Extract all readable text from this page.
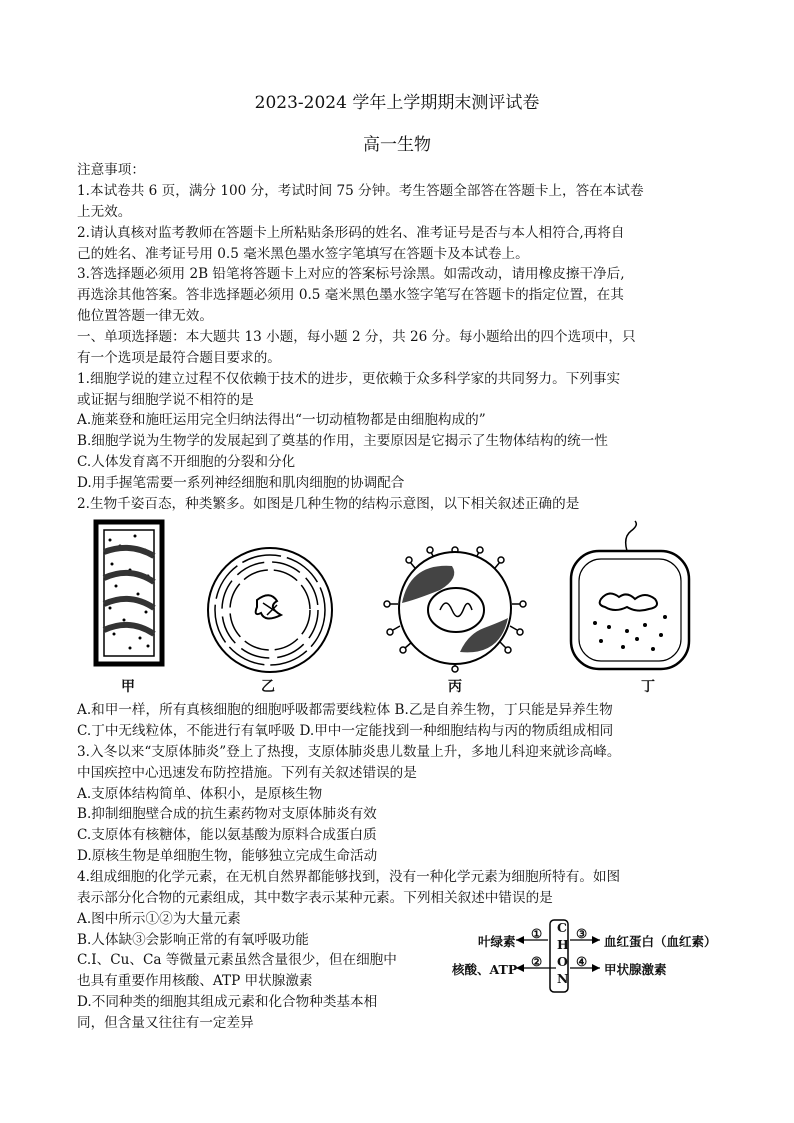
2023-2024 学年上学期期末测评试卷
高一生物
注意事项：
1.本试卷共 6 页，满分 100 分，考试时间 75 分钟。考生答题全部答在答题卡上，答在本试卷
上无效。
2.请认真核对监考教师在答题卡上所粘贴条形码的姓名、准考证号是否与本人相符合,再将自
己的姓名、准考证号用 0.5 毫米黑色墨水签字笔填写在答题卡及本试卷上。
3.答选择题必须用 2B 铅笔将答题卡上对应的答案标号涂黑。如需改动，请用橡皮擦干净后,
再选涂其他答案。答非选择题必须用 0.5 毫米黑色墨水签字笔写在答题卡的指定位置，在其
他位置答题一律无效。
一、单项选择题：本大题共 13 小题，每小题 2 分，共 26 分。每小题给出的四个选项中，只
有一个选项是最符合题目要求的。
1.细胞学说的建立过程不仅依赖于技术的进步，更依赖于众多科学家的共同努力。下列事实
或证据与细胞学说不相符的是
A.施莱登和施旺运用完全归纳法得出“一切动植物都是由细胞构成的”
B.细胞学说为生物学的发展起到了奠基的作用，主要原因是它揭示了生物体结构的统一性
C.人体发育离不开细胞的分裂和分化
D.用手握笔需要一系列神经细胞和肌肉细胞的协调配合
2.生物千姿百态，种类繁多。如图是几种生物的结构示意图，以下相关叙述正确的是
甲	乙	丙	丁
A.和甲一样，所有真核细胞的细胞呼吸都需要线粒体 B.乙是自养生物，丁只能是异养生物
C.丁中无线粒体，不能进行有氧呼吸 D.甲中一定能找到一种细胞结构与丙的物质组成相同
3.入冬以来“支原体肺炎”登上了热搜，支原体肺炎患儿数量上升，多地儿科迎来就诊高峰。
中国疾控中心迅速发布防控措施。下列有关叙述错误的是
A.支原体结构简单、体积小，是原核生物
B.抑制细胞壁合成的抗生素药物对支原体肺炎有效
C.支原体有核糖体，能以氨基酸为原料合成蛋白质
D.原核生物是单细胞生物，能够独立完成生命活动
4.组成细胞的化学元素，在无机自然界都能够找到，没有一种化学元素为细胞所特有。如图
表示部分化合物的元素组成，其中数字表示某种元素。下列相关叙述中错误的是
A.图中所示①②为大量元素
B.人体缺③会影响正常的有氧呼吸功能
C.I、Cu、Ca 等微量元素虽然含量很少，但在细胞中
也具有重要作用核酸、ATP 甲状腺激素
D.不同种类的细胞其组成元素和化合物种类基本相
同，但含量又往往有一定差异
C
H
O
N
叶绿素
核酸、ATP
①
②
③
④
血红蛋白（血红素）
甲状腺激素
